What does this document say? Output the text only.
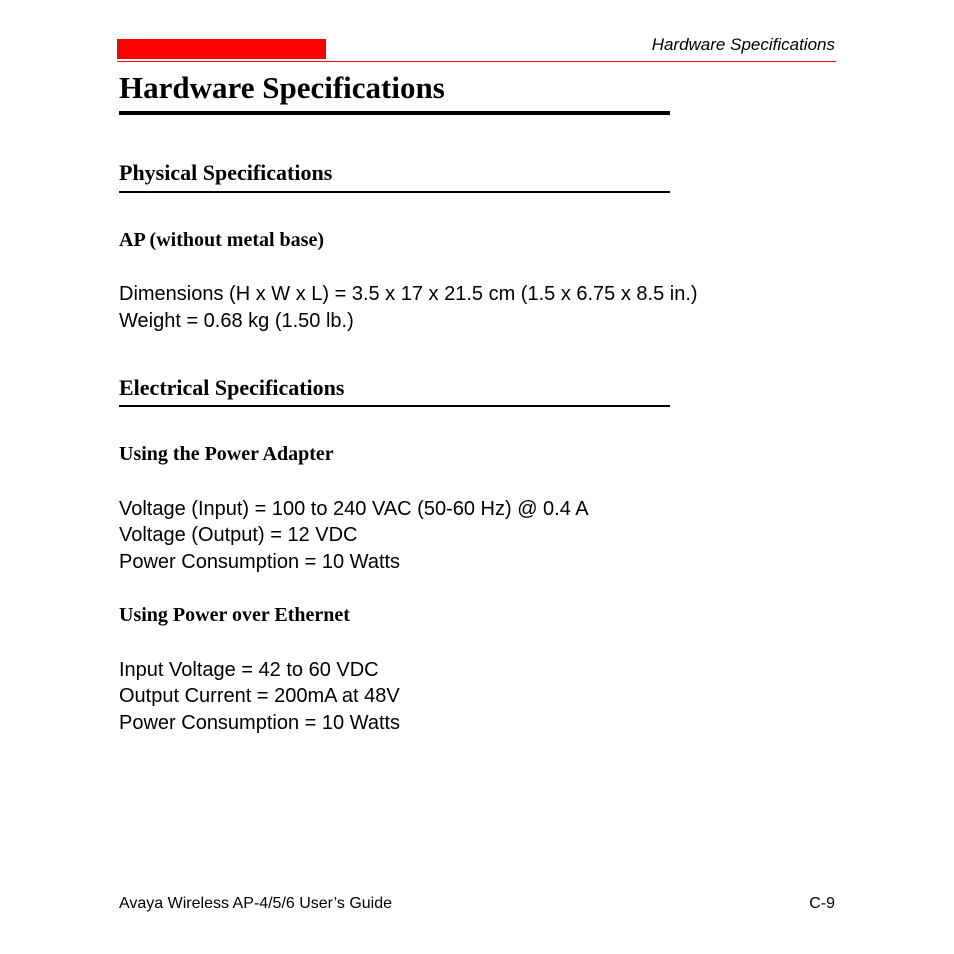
Hardware Specifications
Hardware Specifications
Physical Specifications
AP (without metal base)

Dimensions (H x W x L) = 3.5 x 17 x 21.5 cm (1.5 x 6.75 x 8.5 in.)

Weight = 0.68 kg (1.50 lb.)

Electrical Specifications
Using the Power Adapter

Voltage (Input) = 100 to 240 VAC (50-60 Hz) @ 0.4 A

Voltage (Output) = 12 VDC

Power Consumption = 10 Watts

Using Power over Ethernet

Input Voltage = 42 to 60 VDC

Output Current = 200mA at 48V

Power Consumption = 10 Watts

Avaya Wireless AP-4/5/6 User’s Guide	C-9
